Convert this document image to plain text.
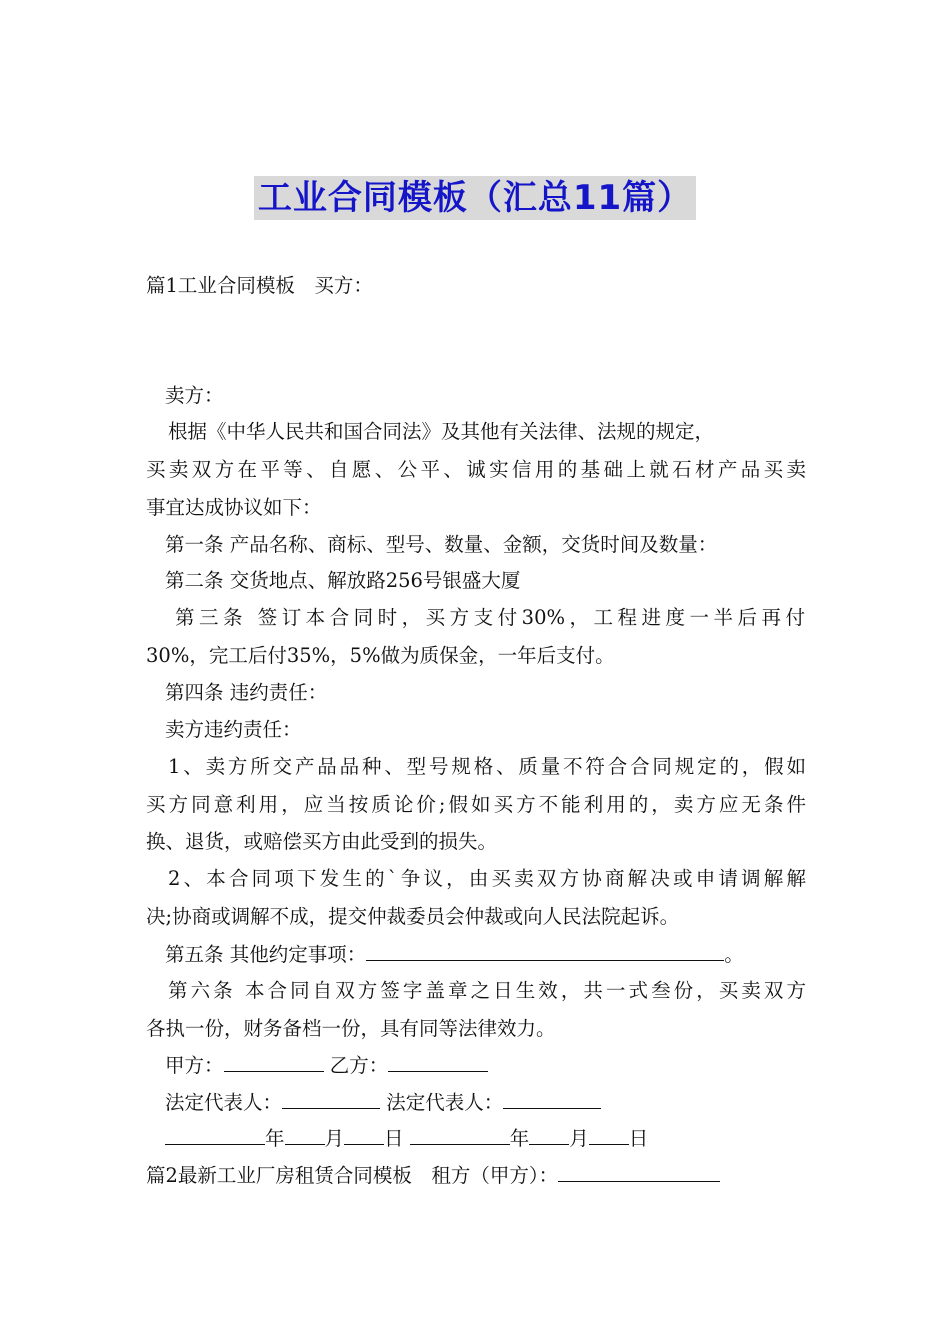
工业合同模板（汇总11篇）
篇1工业合同模板　买方：
卖方：
根据《中华人民共和国合同法》及其他有关法律、法规的规定，
买卖双方在平等、自愿、公平、诚实信用的基础上就石材产品买卖
事宜达成协议如下：
第一条 产品名称、商标、型号、数量、金额，交货时间及数量：
第二条 交货地点、解放路256号银盛大厦
第三条 签订本合同时，买方支付30%，工程进度一半后再付
30%，完工后付35%，5%做为质保金，一年后支付。
第四条 违约责任：
卖方违约责任：
1、卖方所交产品品种、型号规格、质量不符合合同规定的，假如
买方同意利用，应当按质论价;假如买方不能利用的，卖方应无条件
换、退货，或赔偿买方由此受到的损失。
2、本合同项下发生的`争议，由买卖双方协商解决或申请调解解
决;协商或调解不成，提交仲裁委员会仲裁或向人民法院起诉。
第五条 其他约定事项：	。
第六条 本合同自双方签字盖章之日生效，共一式叁份，买卖双方
各执一份，财务备档一份，具有同等法律效力。
甲方：	乙方：
法定代表人：	法定代表人：
年 月 日	年 月 日
篇2最新工业厂房租赁合同模板　租方（甲方）：
